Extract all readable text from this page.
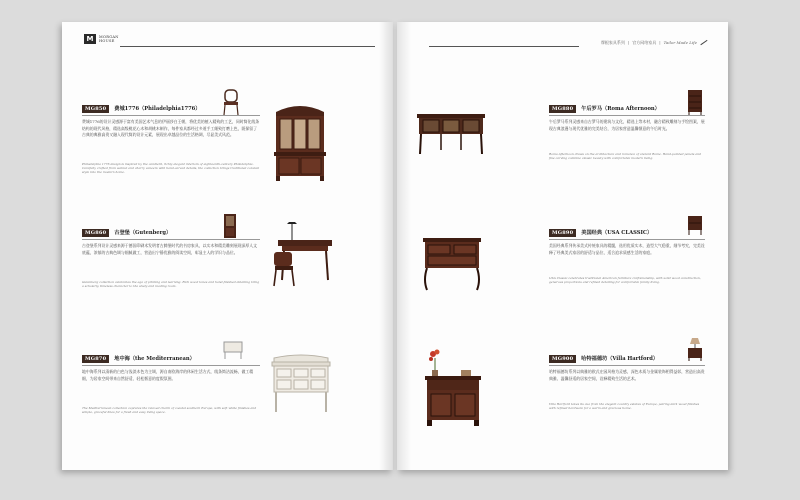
M	MORGAN
HOUSE
MG850	费城1776（Philadelphia1776）
费城1776的设计灵感源于富有美国艺术气息的伊丽莎白王朝，将优美的植入精致的工艺，同时简化线条结构的现代风格，精选高级桃花心木和胡桃木制作，每件家具都经过多道手工细致打磨上色，既保留了古典的典雅高贵又融入现代简约设计元素，展现出卓越品位的生活格调，尽显美式风范。
Philadelphia 1776 design is inspired by the candlelit, richly elegant interiors of eighteenth-century Philadelphia. Carefully crafted from walnut and cherry veneers with hand-carved details, the collection brings traditional colonial style into the modern home.
MG860	古登堡（Gutenberg）
古登堡系列设计灵感来源于德国印刷术发明者古腾堡时代的书房家具，以实木和精美雕刻展现深厚人文底蕴，浓郁的古典色调与细腻做工，营造出宁静优雅的阅读空间，彰显主人的学识与品位。
Gutenberg collection celebrates the age of printing and learning. Rich wood tones and hand-finished detailing bring a scholarly, timeless character to the study and reading room.
MG870	地中海（the Mediterranean）
地中海系列以清新的白色与浅淡木色为主调，源自南欧海岸的休闲生活方式，线条简洁流畅，做工精细，为居家空间带来自然舒适、轻松惬意的度假氛围。
The Mediterranean collection captures the relaxed charm of coastal southern Europe, with soft white finishes and simple, graceful lines for a fresh and easy living space.
摩根家具系列 | 官方网络家具 | Tailor Made Life
MG880	午后罗马（Roma Afternoon）
午后罗马系列灵感来自古罗马的建筑与文化，精选上等木材，融合精致雕刻与手绘图案，展现古典浪漫与现代优雅的完美结合，为居家营造温馨惬意的午后时光。
Roma Afternoon draws on the architecture and romance of ancient Rome. Hand-painted panels and fine carving combine classic beauty with comfortable modern living.
MG890	美国经典（USA CLASSIC）
美国经典系列传承美式传统家具的精髓，选用优质实木，造型大气稳重，细节考究，完美诠释了经典美式家居的舒适与品位，适合追求质感生活的家庭。
USA Classic celebrates traditional American furniture craftsmanship, with solid wood construction, generous proportions and refined detailing for comfortable family living.
MG900	哈特福德坊（Villa Hartford）
哈特福德坊系列以典雅的欧式庄园风格为灵感，深色木质与金属装饰相得益彰，营造出高贵典雅、温馨舒适的居家空间，诠释精致生活的艺术。
Villa Hartford takes its cue from the elegant country estates of Europe, pairing dark wood finishes with refined hardware for a warm and gracious home.
